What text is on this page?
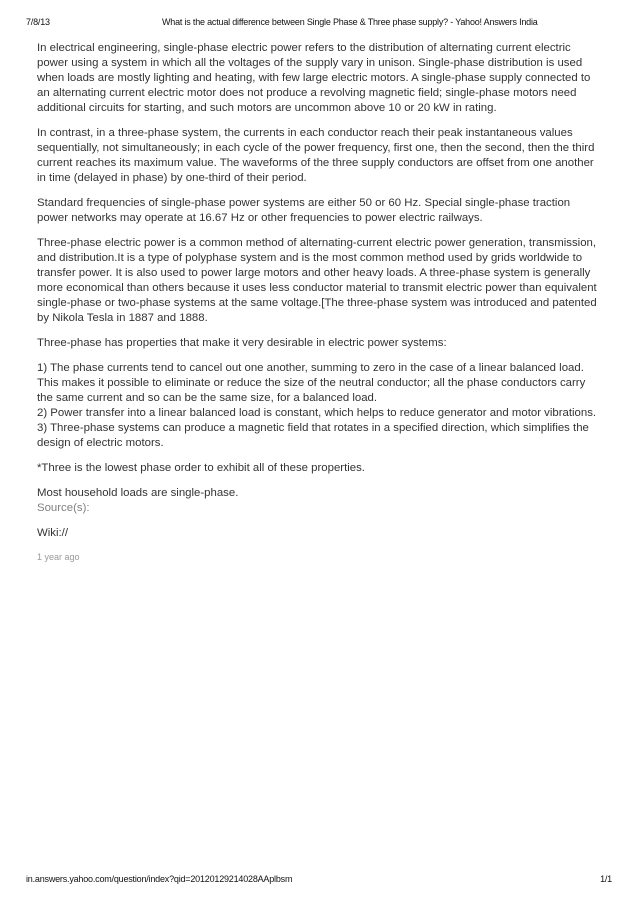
7/8/13	What is the actual difference between Single Phase & Three phase supply? - Yahoo! Answers India

In electrical engineering, single-phase electric power refers to the distribution of alternating current electric power using a system in which all the voltages of the supply vary in unison. Single-phase distribution is used when loads are mostly lighting and heating, with few large electric motors. A single-phase supply connected to an alternating current electric motor does not produce a revolving magnetic field; single-phase motors need additional circuits for starting, and such motors are uncommon above 10 or 20 kW in rating.

In contrast, in a three-phase system, the currents in each conductor reach their peak instantaneous values sequentially, not simultaneously; in each cycle of the power frequency, first one, then the second, then the third current reaches its maximum value. The waveforms of the three supply conductors are offset from one another in time (delayed in phase) by one-third of their period.

Standard frequencies of single-phase power systems are either 50 or 60 Hz. Special single-phase traction power networks may operate at 16.67 Hz or other frequencies to power electric railways.

Three-phase electric power is a common method of alternating-current electric power generation, transmission, and distribution.It is a type of polyphase system and is the most common method used by grids worldwide to transfer power. It is also used to power large motors and other heavy loads. A three-phase system is generally more economical than others because it uses less conductor material to transmit electric power than equivalent single-phase or two-phase systems at the same voltage.[The three-phase system was introduced and patented by Nikola Tesla in 1887 and 1888.

Three-phase has properties that make it very desirable in electric power systems:

1) The phase currents tend to cancel out one another, summing to zero in the case of a linear balanced load. This makes it possible to eliminate or reduce the size of the neutral conductor; all the phase conductors carry the same current and so can be the same size, for a balanced load.

2) Power transfer into a linear balanced load is constant, which helps to reduce generator and motor vibrations.

3) Three-phase systems can produce a magnetic field that rotates in a specified direction, which simplifies the design of electric motors.

*Three is the lowest phase order to exhibit all of these properties.

Most household loads are single-phase.

Source(s):

Wiki://

1 year ago

in.answers.yahoo.com/question/index?qid=20120129214028AAplbsm	1/1
